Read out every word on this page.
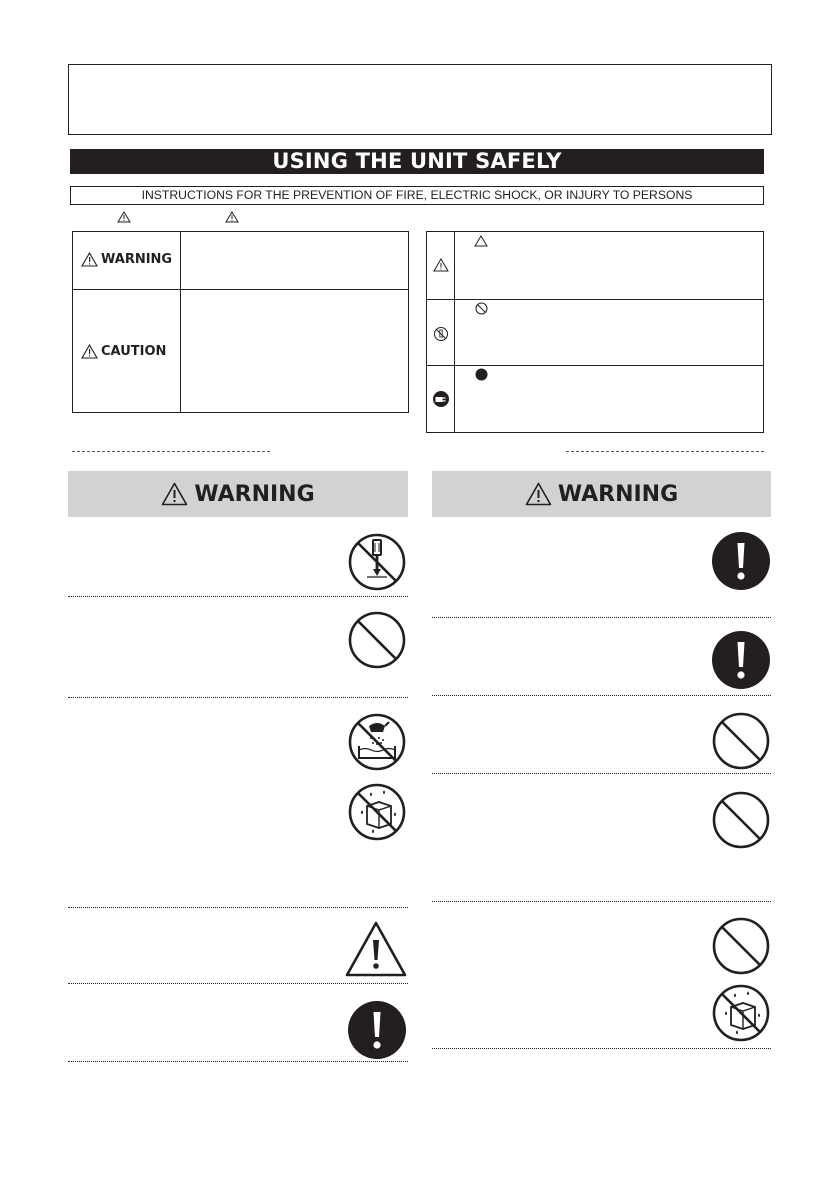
USING THE UNIT SAFELY
INSTRUCTIONS FOR THE PREVENTION OF FIRE, ELECTRIC SHOCK, OR INJURY TO PERSONS
WARNING
CAUTION
WARNING	WARNING
